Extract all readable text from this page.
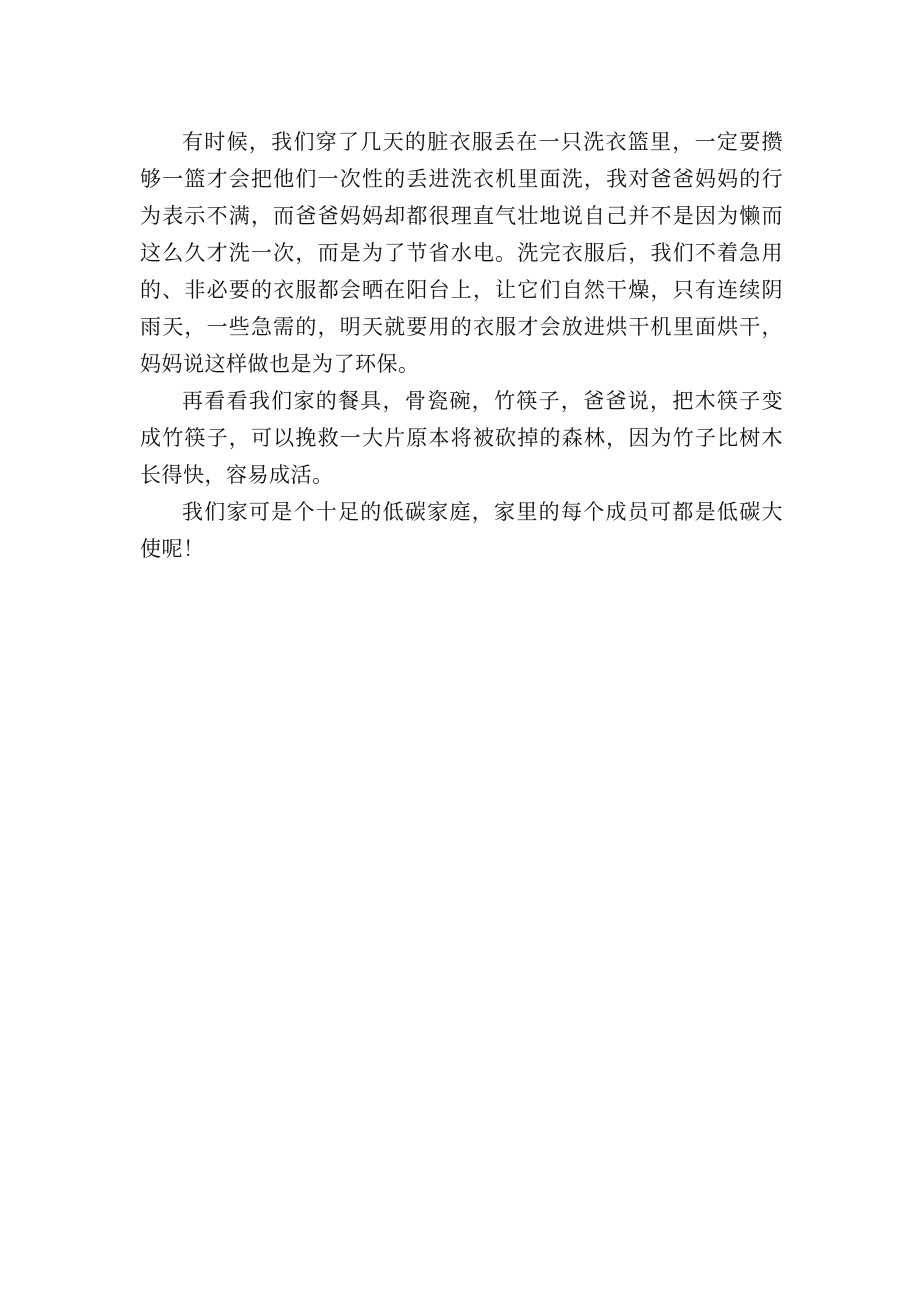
有时候，我们穿了几天的脏衣服丢在一只洗衣篮里，一定要攒够一篮才会把他们一次性的丢进洗衣机里面洗，我对爸爸妈妈的行为表示不满，而爸爸妈妈却都很理直气壮地说自己并不是因为懒而这么久才洗一次，而是为了节省水电。洗完衣服后，我们不着急用的、非必要的衣服都会晒在阳台上，让它们自然干燥，只有连续阴雨天，一些急需的，明天就要用的衣服才会放进烘干机里面烘干，妈妈说这样做也是为了环保。

再看看我们家的餐具，骨瓷碗，竹筷子，爸爸说，把木筷子变成竹筷子，可以挽救一大片原本将被砍掉的森林，因为竹子比树木长得快，容易成活。

我们家可是个十足的低碳家庭，家里的每个成员可都是低碳大使呢！
